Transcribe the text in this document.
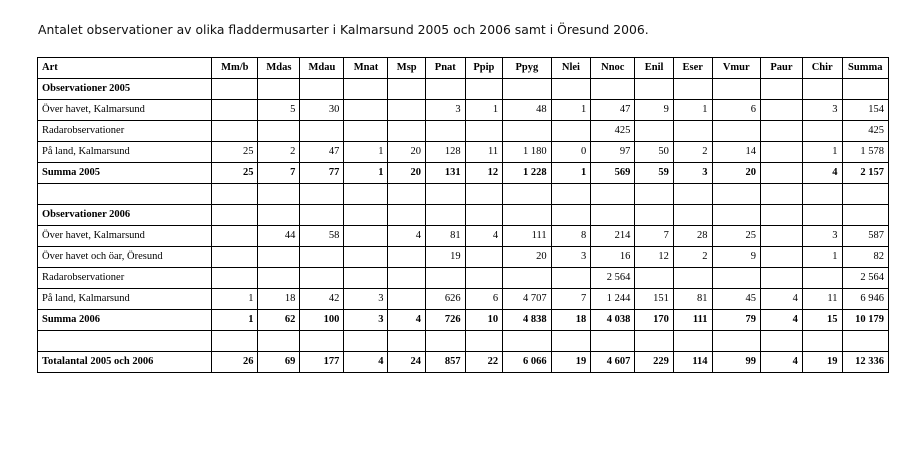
Antalet observationer av olika fladdermusarter i Kalmarsund 2005 och 2006 samt i Öresund 2006.
Art	Mm/b	Mdas	Mdau	Mnat	Msp	Pnat	Ppip	Ppyg	Nlei	Nnoc	Enil	Eser	Vmur	Paur	Chir	Summa
Observationer 2005																
Över havet, Kalmarsund		5	30			3	1	48	1	47	9	1	6		3	154
Radarobservationer										425						425
På land, Kalmarsund	25	2	47	1	20	128	11	1 180	0	97	50	2	14		1	1 578
Summa 2005	25	7	77	1	20	131	12	1 228	1	569	59	3	20		4	2 157

Observationer 2006																
Över havet, Kalmarsund		44	58		4	81	4	111	8	214	7	28	25		3	587
Över havet och öar, Öresund						19		20	3	16	12	2	9		1	82
Radarobservationer										2 564						2 564
På land, Kalmarsund	1	18	42	3		626	6	4 707	7	1 244	151	81	45	4	11	6 946
Summa 2006	1	62	100	3	4	726	10	4 838	18	4 038	170	111	79	4	15	10 179

Totalantal 2005 och 2006	26	69	177	4	24	857	22	6 066	19	4 607	229	114	99	4	19	12 336
